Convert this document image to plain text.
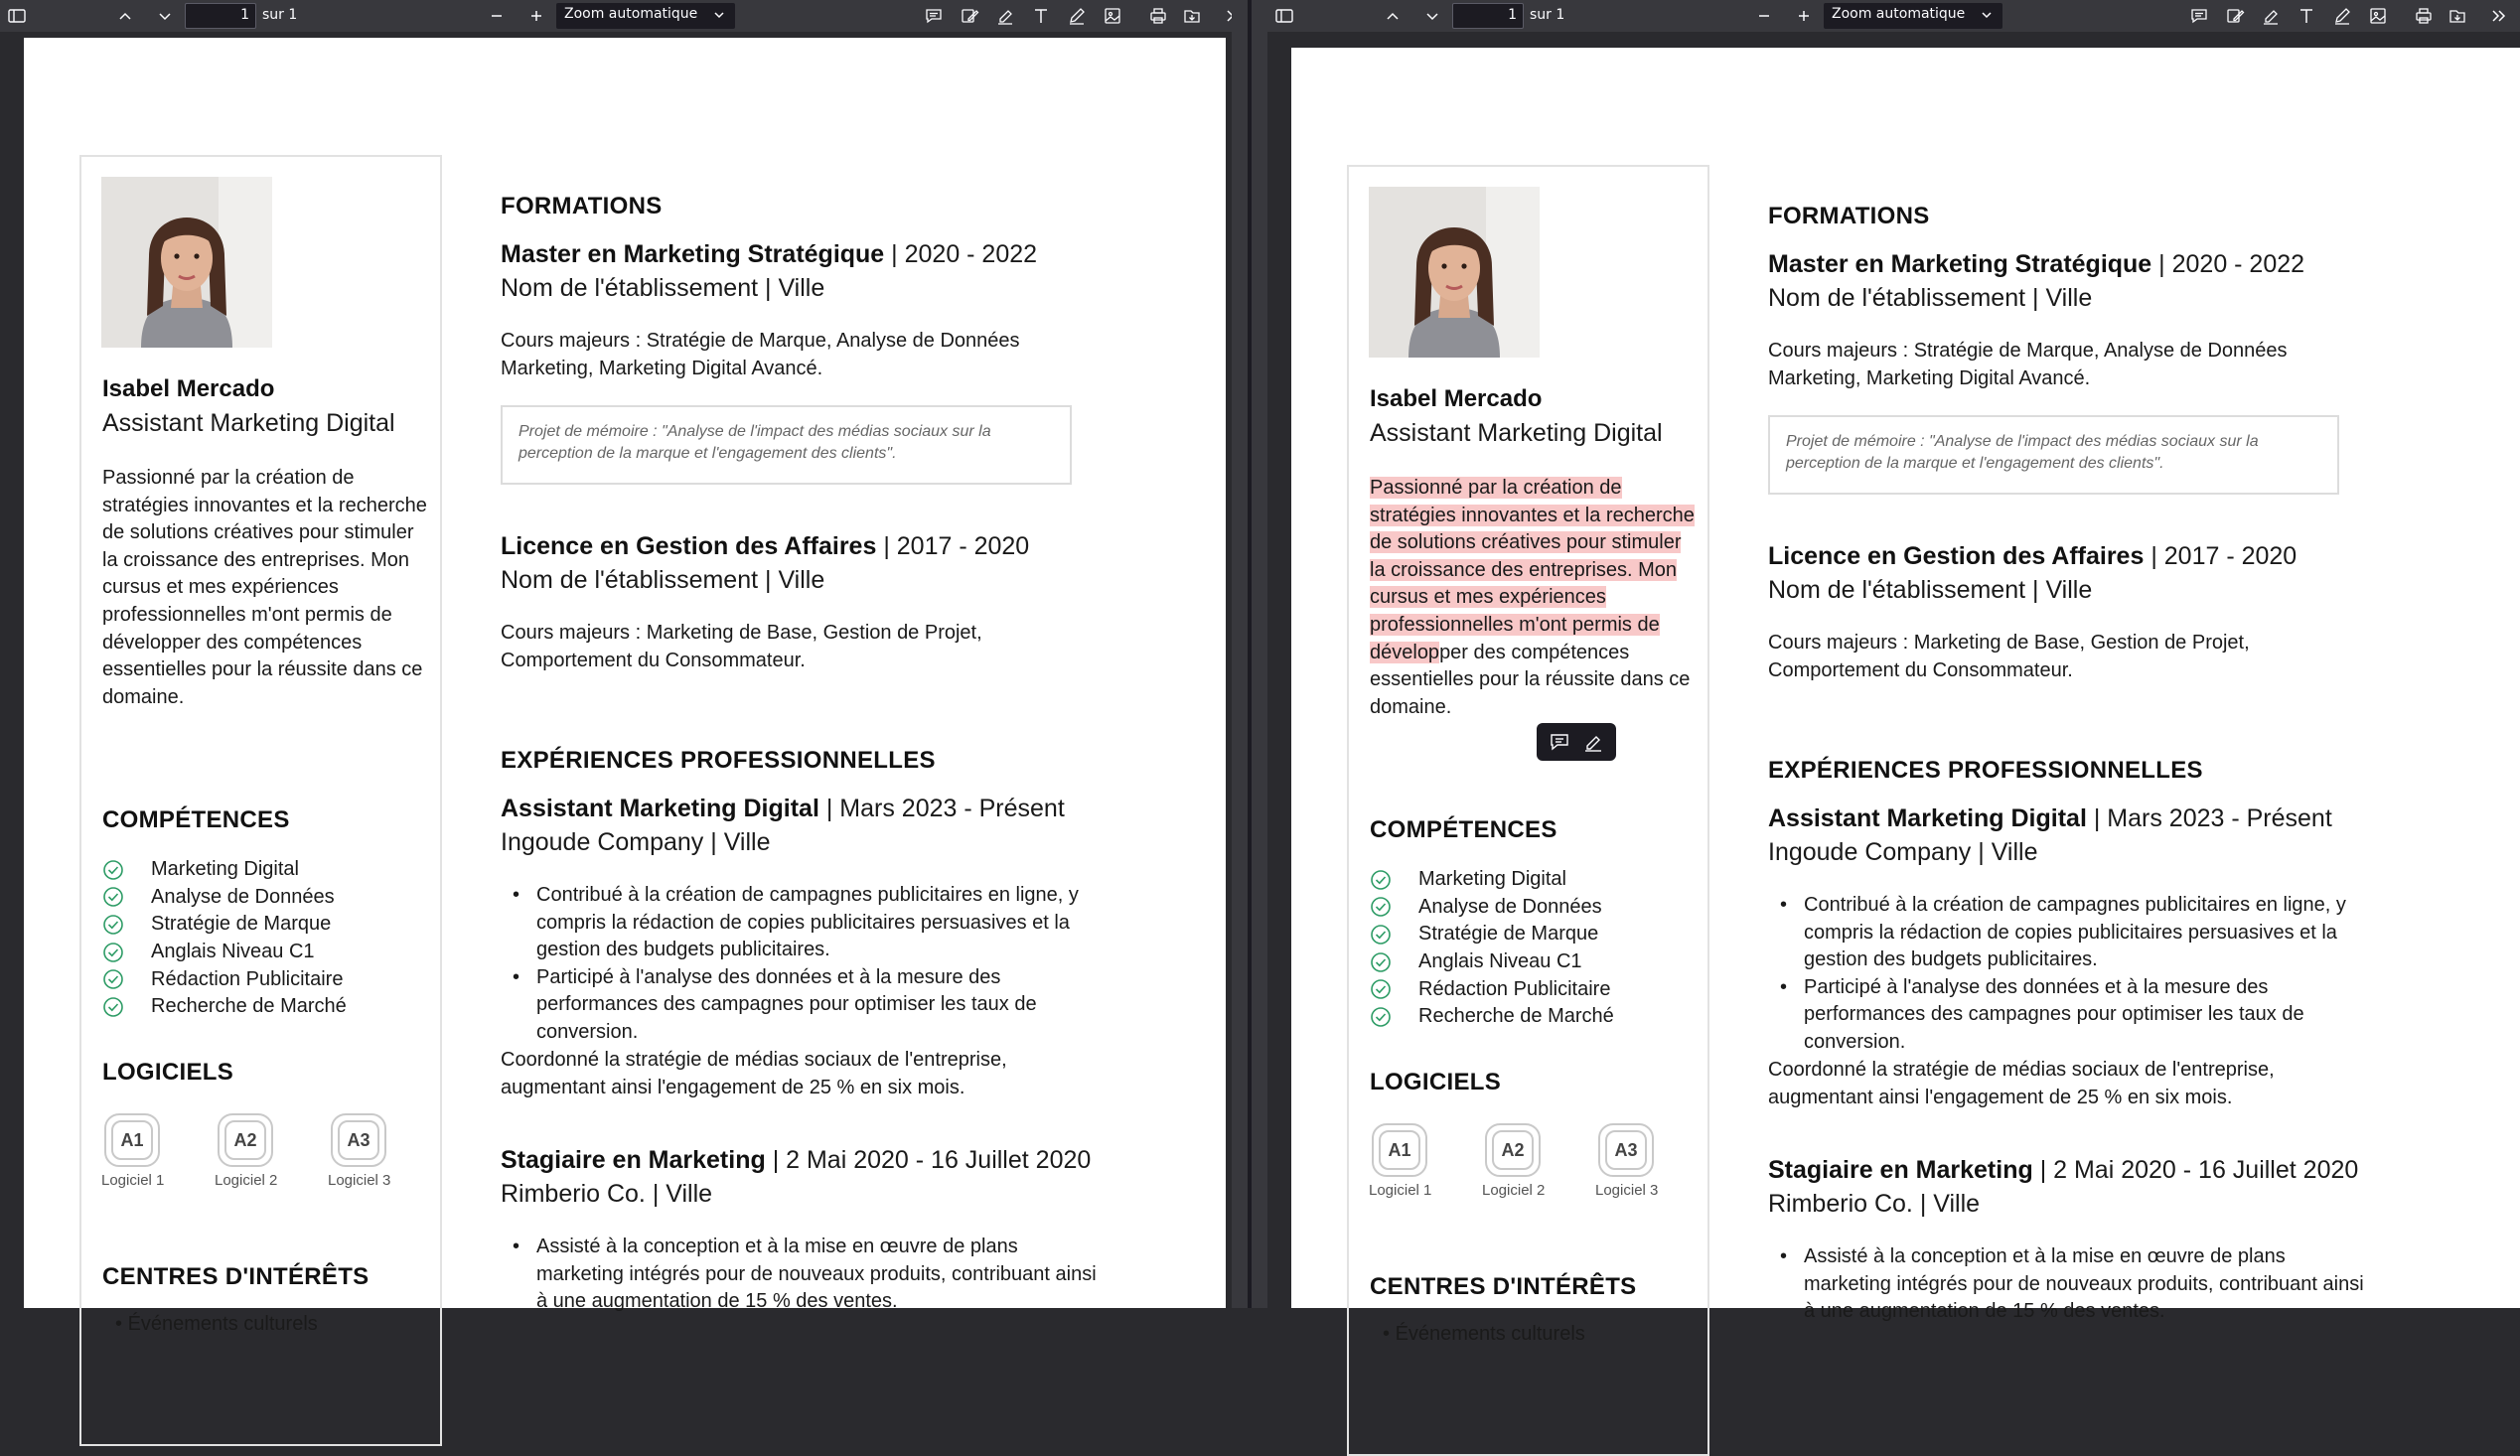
1 sur 1	Zoom automatique
Isabel Mercado
Assistant Marketing Digital
Passionné par la création de stratégies innovantes et la recherche de solutions créatives pour stimuler la croissance des entreprises. Mon cursus et mes expériences professionnelles m'ont permis de développer des compétences essentielles pour la réussite dans ce domaine.
COMPÉTENCES
Marketing Digital
Analyse de Données
Stratégie de Marque
Anglais Niveau C1
Rédaction Publicitaire
Recherche de Marché
LOGICIELS
A1
Logiciel 1
A2
Logiciel 2
A3
Logiciel 3
CENTRES D'INTÉRÊTS
• Événements culturels
FORMATIONS
Master en Marketing Stratégique | 2020 - 2022
Nom de l'établissement | Ville
Cours majeurs : Stratégie de Marque, Analyse de Données Marketing, Marketing Digital Avancé.
Projet de mémoire : "Analyse de l'impact des médias sociaux sur la perception de la marque et l'engagement des clients".
Licence en Gestion des Affaires | 2017 - 2020
Nom de l'établissement | Ville
Cours majeurs : Marketing de Base, Gestion de Projet, Comportement du Consommateur.
EXPÉRIENCES PROFESSIONNELLES
Assistant Marketing Digital | Mars 2023 - Présent
Ingoude Company | Ville
• Contribué à la création de campagnes publicitaires en ligne, y compris la rédaction de copies publicitaires persuasives et la gestion des budgets publicitaires.
• Participé à l'analyse des données et à la mesure des performances des campagnes pour optimiser les taux de conversion.
Coordonné la stratégie de médias sociaux de l'entreprise, augmentant ainsi l'engagement de 25 % en six mois.
Stagiaire en Marketing | 2 Mai 2020 - 16 Juillet 2020
Rimberio Co. | Ville
• Assisté à la conception et à la mise en œuvre de plans marketing intégrés pour de nouveaux produits, contribuant ainsi à une augmentation de 15 % des ventes.
1 sur 1	Zoom automatique
Isabel Mercado
Assistant Marketing Digital
Passionné par la création de stratégies innovantes et la recherche de solutions créatives pour stimuler la croissance des entreprises. Mon cursus et mes expériences professionnelles m'ont permis de développer des compétences essentielles pour la réussite dans ce domaine.
COMPÉTENCES
Marketing Digital
Analyse de Données
Stratégie de Marque
Anglais Niveau C1
Rédaction Publicitaire
Recherche de Marché
LOGICIELS
A1
Logiciel 1
A2
Logiciel 2
A3
Logiciel 3
CENTRES D'INTÉRÊTS
• Événements culturels
FORMATIONS
Master en Marketing Stratégique | 2020 - 2022
Nom de l'établissement | Ville
Cours majeurs : Stratégie de Marque, Analyse de Données Marketing, Marketing Digital Avancé.
Projet de mémoire : "Analyse de l'impact des médias sociaux sur la perception de la marque et l'engagement des clients".
Licence en Gestion des Affaires | 2017 - 2020
Nom de l'établissement | Ville
Cours majeurs : Marketing de Base, Gestion de Projet, Comportement du Consommateur.
EXPÉRIENCES PROFESSIONNELLES
Assistant Marketing Digital | Mars 2023 - Présent
Ingoude Company | Ville
• Contribué à la création de campagnes publicitaires en ligne, y compris la rédaction de copies publicitaires persuasives et la gestion des budgets publicitaires.
• Participé à l'analyse des données et à la mesure des performances des campagnes pour optimiser les taux de conversion.
Coordonné la stratégie de médias sociaux de l'entreprise, augmentant ainsi l'engagement de 25 % en six mois.
Stagiaire en Marketing | 2 Mai 2020 - 16 Juillet 2020
Rimberio Co. | Ville
• Assisté à la conception et à la mise en œuvre de plans marketing intégrés pour de nouveaux produits, contribuant ainsi à une augmentation de 15 % des ventes.
